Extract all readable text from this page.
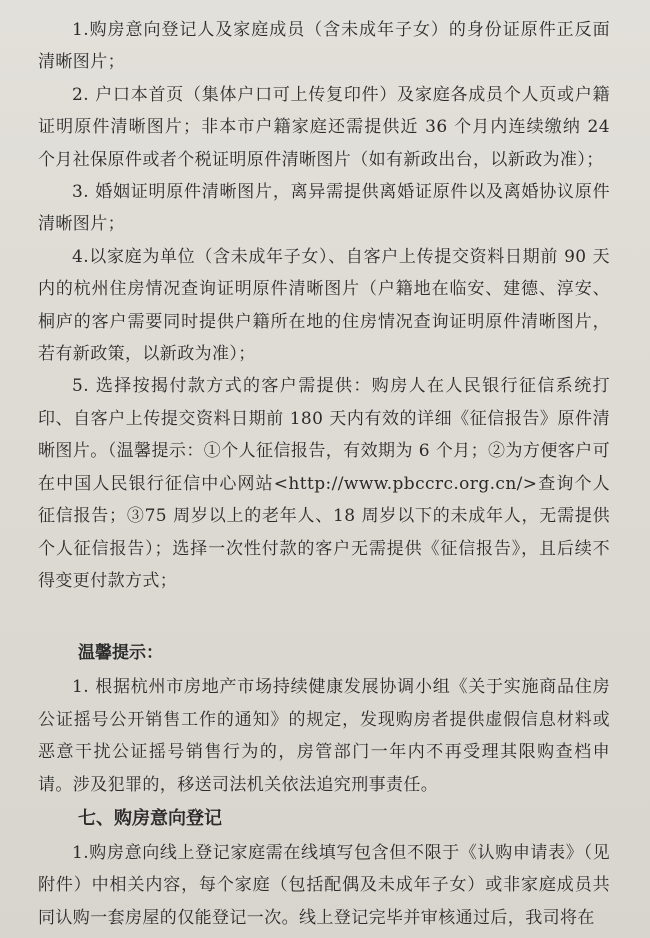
1.购房意向登记人及家庭成员（含未成年子女）的身份证原件正反面清晰图片；

2. 户口本首页（集体户口可上传复印件）及家庭各成员个人页或户籍证明原件清晰图片；非本市户籍家庭还需提供近 36 个月内连续缴纳 24 个月社保原件或者个税证明原件清晰图片（如有新政出台，以新政为准）；

3. 婚姻证明原件清晰图片，离异需提供离婚证原件以及离婚协议原件清晰图片；

4.以家庭为单位（含未成年子女）、自客户上传提交资料日期前 90 天内的杭州住房情况查询证明原件清晰图片（户籍地在临安、建德、淳安、桐庐的客户需要同时提供户籍所在地的住房情况查询证明原件清晰图片，若有新政策，以新政为准）；

5. 选择按揭付款方式的客户需提供：购房人在人民银行征信系统打印、自客户上传提交资料日期前 180 天内有效的详细《征信报告》原件清晰图片。（温馨提示：①个人征信报告，有效期为 6 个月；②为方便客户可在中国人民银行征信中心网站<http://www.pbccrc.org.cn/>查询个人征信报告；③75 周岁以上的老年人、18 周岁以下的未成年人，无需提供个人征信报告）；选择一次性付款的客户无需提供《征信报告》，且后续不得变更付款方式；

温馨提示：

1. 根据杭州市房地产市场持续健康发展协调小组《关于实施商品住房公证摇号公开销售工作的通知》的规定，发现购房者提供虚假信息材料或恶意干扰公证摇号销售行为的，房管部门一年内不再受理其限购查档申请。涉及犯罪的，移送司法机关依法追究刑事责任。

七、购房意向登记

1.购房意向线上登记家庭需在线填写包含但不限于《认购申请表》（见附件）中相关内容，每个家庭（包括配偶及未成年子女）或非家庭成员共同认购一套房屋的仅能登记一次。线上登记完毕并审核通过后，我司将在
